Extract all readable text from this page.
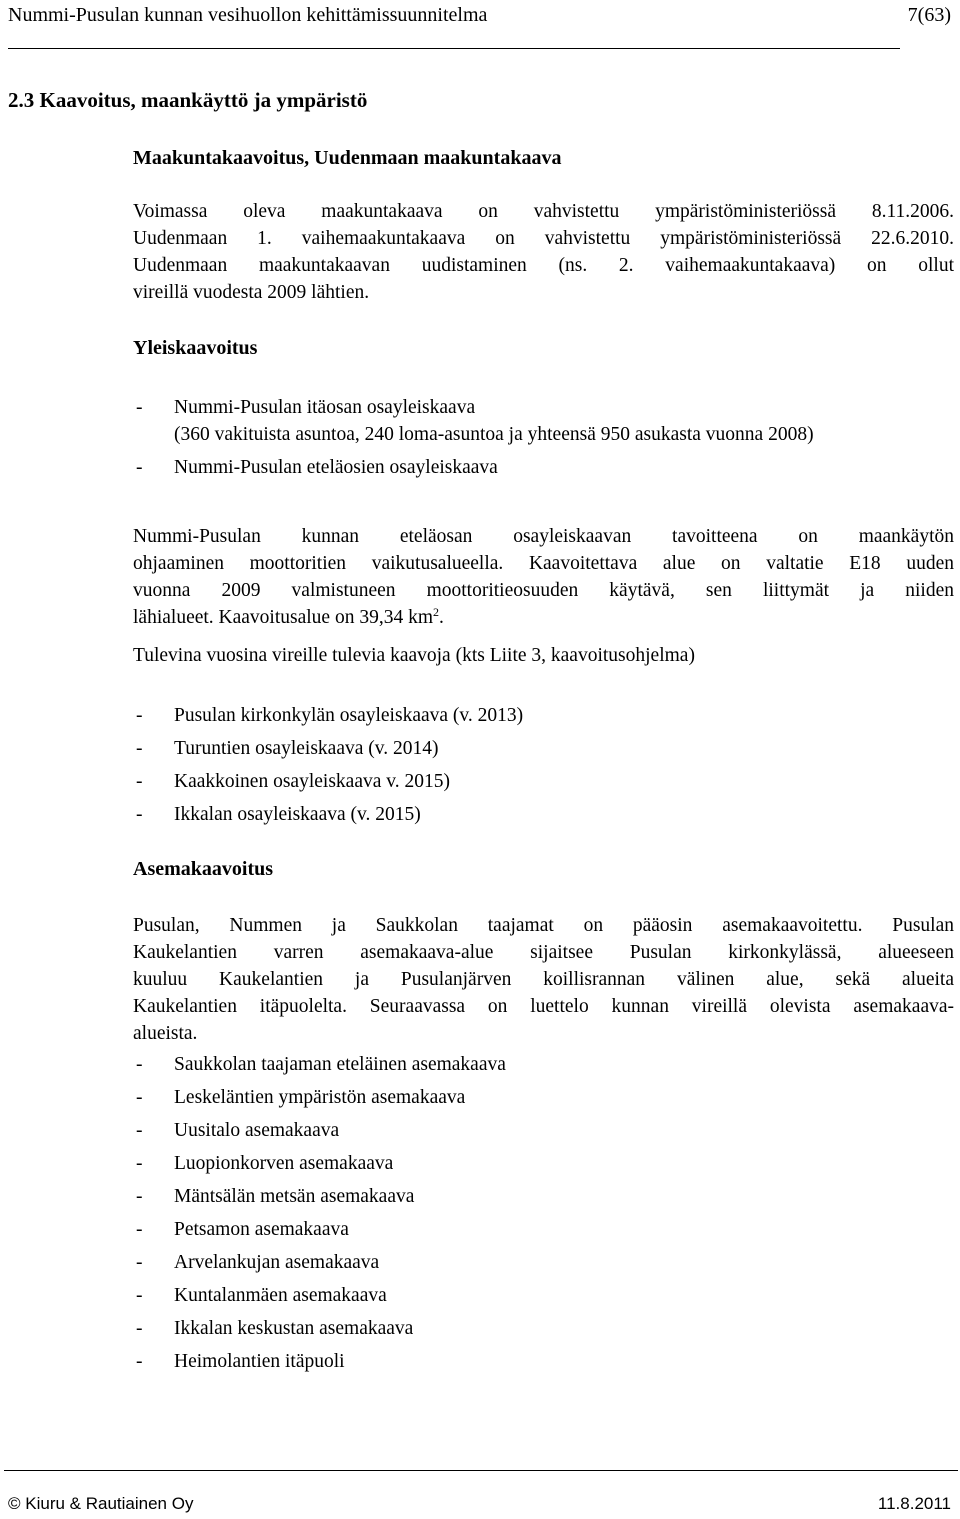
Nummi-Pusulan kunnan vesihuollon kehittämissuunnitelma	7(63)
2.3 Kaavoitus, maankäyttö ja ympäristö
Maakuntakaavoitus, Uudenmaan maakuntakaava
Voimassa oleva maakuntakaava on vahvistettu ympäristöministeriössä 8.11.2006.
Uudenmaan 1. vaihemaakuntakaava on vahvistettu ympäristöministeriössä 22.6.2010.
Uudenmaan maakuntakaavan uudistaminen (ns. 2. vaihemaakuntakaava) on ollut
vireillä vuodesta 2009 lähtien.
Yleiskaavoitus
- Nummi-Pusulan itäosan osayleiskaava
(360 vakituista asuntoa, 240 loma-asuntoa ja yhteensä 950 asukasta vuonna 2008)
- Nummi-Pusulan eteläosien osayleiskaava
Nummi-Pusulan kunnan eteläosan osayleiskaavan tavoitteena on maankäytön
ohjaaminen moottoritien vaikutusalueella. Kaavoitettava alue on valtatie E18 uuden
vuonna 2009 valmistuneen moottoritieosuuden käytävä, sen liittymät ja niiden
lähialueet. Kaavoitusalue on 39,34 $km^2$.
Tulevina vuosina vireille tulevia kaavoja (kts Liite 3, kaavoitusohjelma)
- Pusulan kirkonkylän osayleiskaava (v. 2013)
- Turuntien osayleiskaava (v. 2014)
- Kaakkoinen osayleiskaava v. 2015)
- Ikkalan osayleiskaava (v. 2015)
Asemakaavoitus
Pusulan, Nummen ja Saukkolan taajamat on pääosin asemakaavoitettu. Pusulan
Kaukelantien varren asemakaava-alue sijaitsee Pusulan kirkonkylässä, alueeseen
kuuluu Kaukelantien ja Pusulanjärven koillisrannan välinen alue, sekä alueita
Kaukelantien itäpuolelta. Seuraavassa on luettelo kunnan vireillä olevista asemakaava-
alueista.
- Saukkolan taajaman eteläinen asemakaava
- Leskeläntien ympäristön asemakaava
- Uusitalo asemakaava
- Luopionkorven asemakaava
- Mäntsälän metsän asemakaava
- Petsamon asemakaava
- Arvelankujan asemakaava
- Kuntalanmäen asemakaava
- Ikkalan keskustan asemakaava
- Heimolantien itäpuoli
© Kiuru & Rautiainen Oy	11.8.2011
